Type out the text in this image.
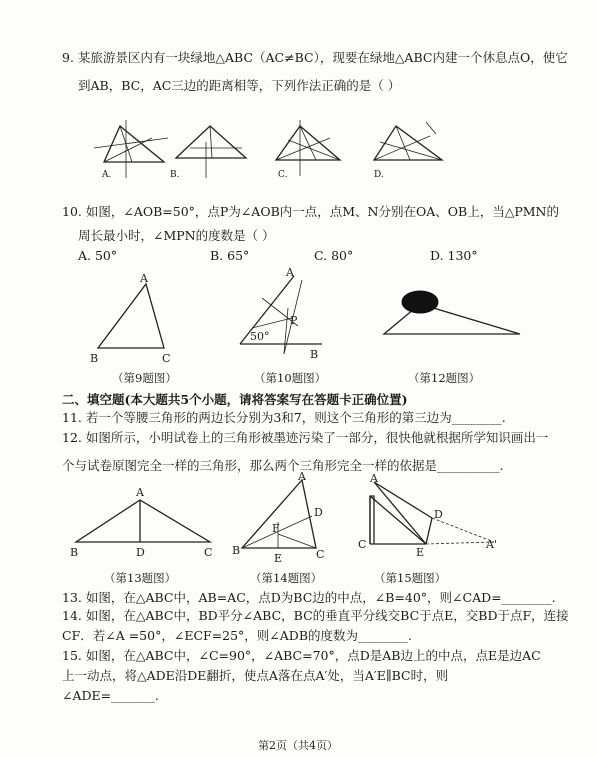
9. 某旅游景区内有一块绿地△ABC（AC≠BC），现要在绿地△ABC内建一个休息点O，使它
到AB，BC，AC三边的距离相等，下列作法正确的是（ ）
A.	B.	C.	D.
10. 如图，∠AOB=50°，点P为∠AOB内一点，点M、N分别在OA、OB上，当△PMN的
周长最小时，∠MPN的度数是（ ）
A. 50°	B. 65°	C. 80°	D. 130°
A
B	C
（第9题图）
A
P
50°
B
（第10题图）	（第12题图）
二、填空题(本大题共5个小题，请将答案写在答题卡正确位置)
11. 若一个等腰三角形的两边长分别为3和7，则这个三角形的第三边为________.
12. 如图所示，小明试卷上的三角形被墨迹污染了一部分，很快他就根据所学知识画出一
个与试卷原图完全一样的三角形，那么两个三角形完全一样的依据是__________.
A
B	D	C
（第13题图）
A
F
D
B
E	C
（第14题图）
A
D
C
E
A'
（第15题图）
13. 如图，在△ABC中，AB=AC，点D为BC边的中点，∠B=40°，则∠CAD=________.
14. 如图，在△ABC中，BD平分∠ABC，BC的垂直平分线交BC于点E，交BD于点F，连接
CF．若∠A =50°，∠ECF=25°，则∠ADB的度数为________.
15. 如图，在△ABC中，∠C=90°，∠ABC=70°，点D是AB边上的中点，点E是边AC
上一动点，将△ADE沿DE翻折，使点A落在点A′处，当A′E∥BC时，则
∠ADE=_______.
第2页（共4页）
